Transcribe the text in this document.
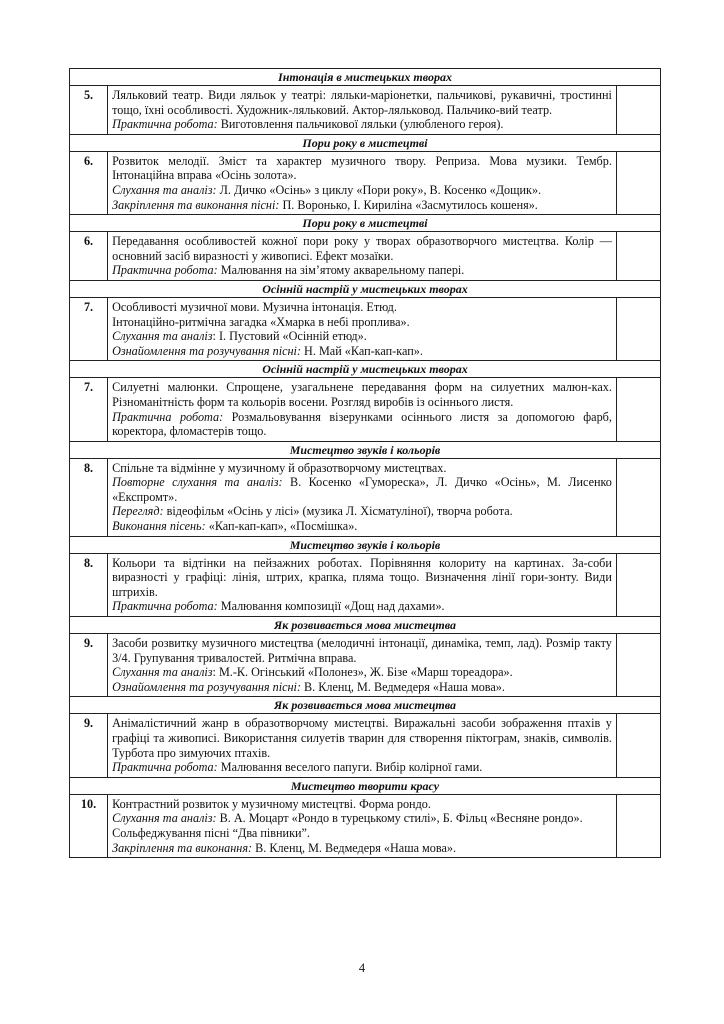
Інтонація в мистецьких творах		
5.	Ляльковий театр. Види ляльок у театрі: ляльки-маріонетки, пальчикові, рукавичні, тростинні тощо, їхні особливості. Художник-ляльковий. Актор-ляльковод. Пальчико-вий театр.
Практична робота: Виготовлення пальчикової ляльки (улюбленого героя).	

Пори року в мистецтві		
6.	Розвиток мелодії. Зміст та характер музичного твору. Реприза. Мова музики. Тембр. Інтонаційна вправа «Осінь золота».
Слухання та аналіз: Л. Дичко «Осінь» з циклу «Пори року», В. Косенко «Дощик».
Закріплення та виконання пісні: П. Воронько, І. Кириліна «Засмутилось кошеня».	

Пори року в мистецтві		
6.	Передавання особливостей кожної пори року у творах образотворчого мистецтва. Колір — основний засіб виразності у живописі. Ефект мозаїки.
Практична робота: Малювання на зім’ятому акварельному папері.	

Осінній настрій у мистецьких творах		
7.	Особливості музичної мови. Музична інтонація. Етюд.
Інтонаційно-ритмічна загадка «Хмарка в небі проплива».
Слухання та аналіз: І. Пустовий «Осінній етюд».
Ознайомлення та розучування пісні: Н. Май «Кап-кап-кап».	

Осінній настрій у мистецьких творах		
7.	Силуетні малюнки. Спрощене, узагальнене передавання форм на силуетних малюн-ках. Різноманітність форм та кольорів восени. Розгляд виробів із осіннього листя.
Практична робота: Розмальовування візерунками осіннього листя за допомогою фарб, коректора, фломастерів тощо.	

Мистецтво звуків і кольорів		
8.	Спільне та відмінне у музичному й образотворчому мистецтвах.
Повторне слухання та аналіз: В. Косенко «Гумореска», Л. Дичко «Осінь», М. Лисенко «Експромт».
Перегляд: відеофільм «Осінь у лісі» (музика Л. Хісматуліної), творча робота.
Виконання пісень: «Кап-кап-кап», «Посмішка».	

Мистецтво звуків і кольорів		
8.	Кольори та відтінки на пейзажних роботах. Порівняння колориту на картинах. За-соби виразності у графіці: лінія, штрих, крапка, пляма тощо. Визначення лінії гори-зонту. Види штрихів.
Практична робота: Малювання композиції «Дощ над дахами».	

Як розвивається мова мистецтва		
9.	Засоби розвитку музичного мистецтва (мелодичні інтонації, динаміка, темп, лад). Розмір такту 3/4. Групування тривалостей. Ритмічна вправа.
Слухання та аналіз: М.-К. Огінський «Полонез», Ж. Бізе «Марш тореадора».
Ознайомлення та розучування пісні: В. Кленц, М. Ведмедеря «Наша мова».	

Як розвивається мова мистецтва		
9.	Анімалістичний жанр в образотворчому мистецтві. Виражальні засоби зображення птахів у графіці та живописі. Використання силуетів тварин для створення піктограм, знаків, символів. Турбота про зимуючих птахів.
Практична робота: Малювання веселого папуги. Вибір колірної гами.	

Мистецтво творити красу		
10.	Контрастний розвиток у музичному мистецтві. Форма рондо.
Слухання та аналіз: В. А. Моцарт «Рондо в турецькому стилі», Б. Фільц «Весняне рондо».
Сольфеджування пісні “Два півники”.
Закріплення та виконання: В. Кленц, М. Ведмедеря «Наша мова».	

4
